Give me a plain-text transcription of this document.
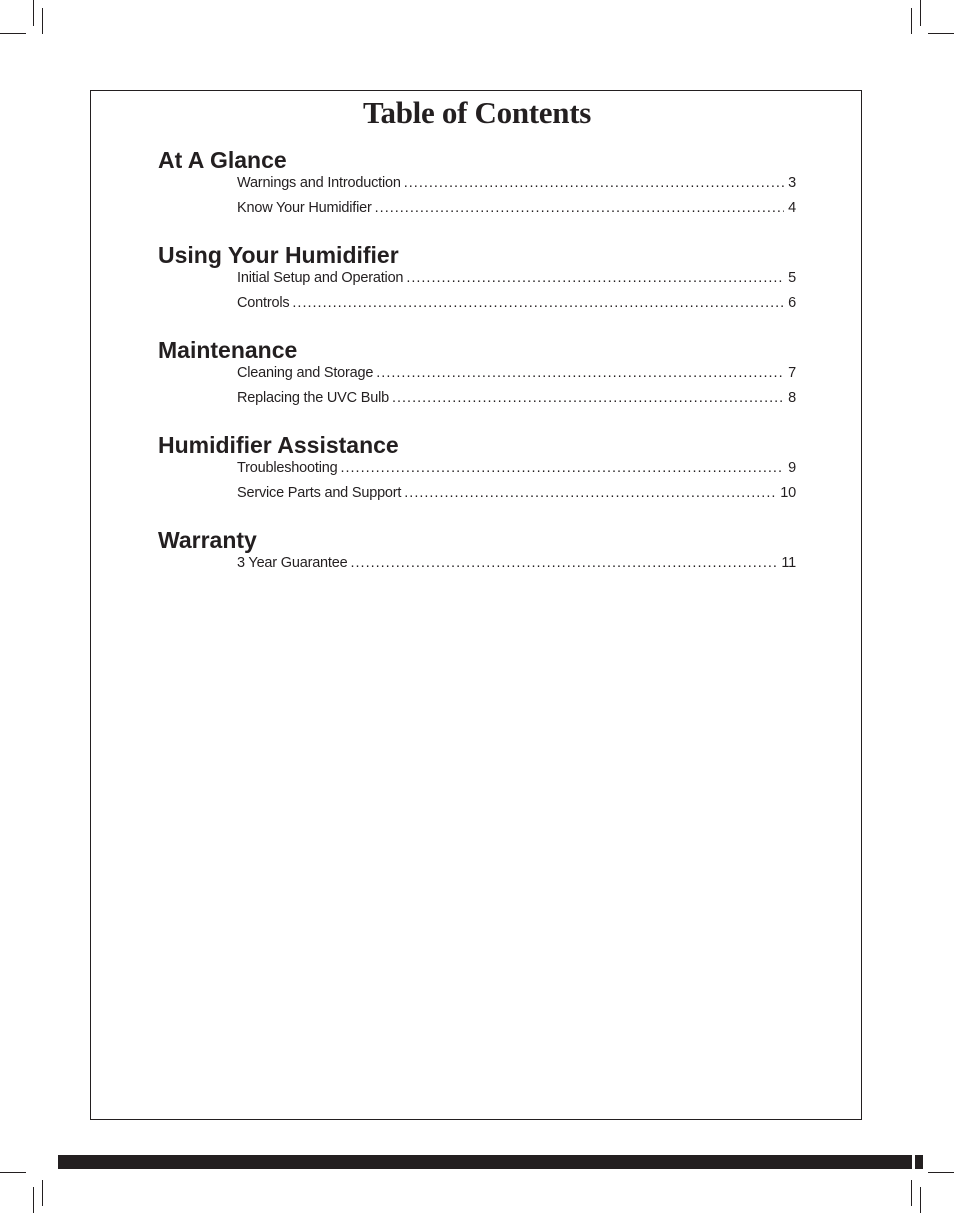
Table of Contents
At A Glance
Warnings and Introduction .....	3
Know Your Humidifier .....	4
Using Your Humidifier
Initial Setup and Operation .....	5
Controls .....	6
Maintenance
Cleaning and Storage .....	7
Replacing the UVC Bulb .....	8
Humidifier Assistance
Troubleshooting .....	9
Service Parts and Support .....	10
Warranty
3 Year Guarantee .....	11
